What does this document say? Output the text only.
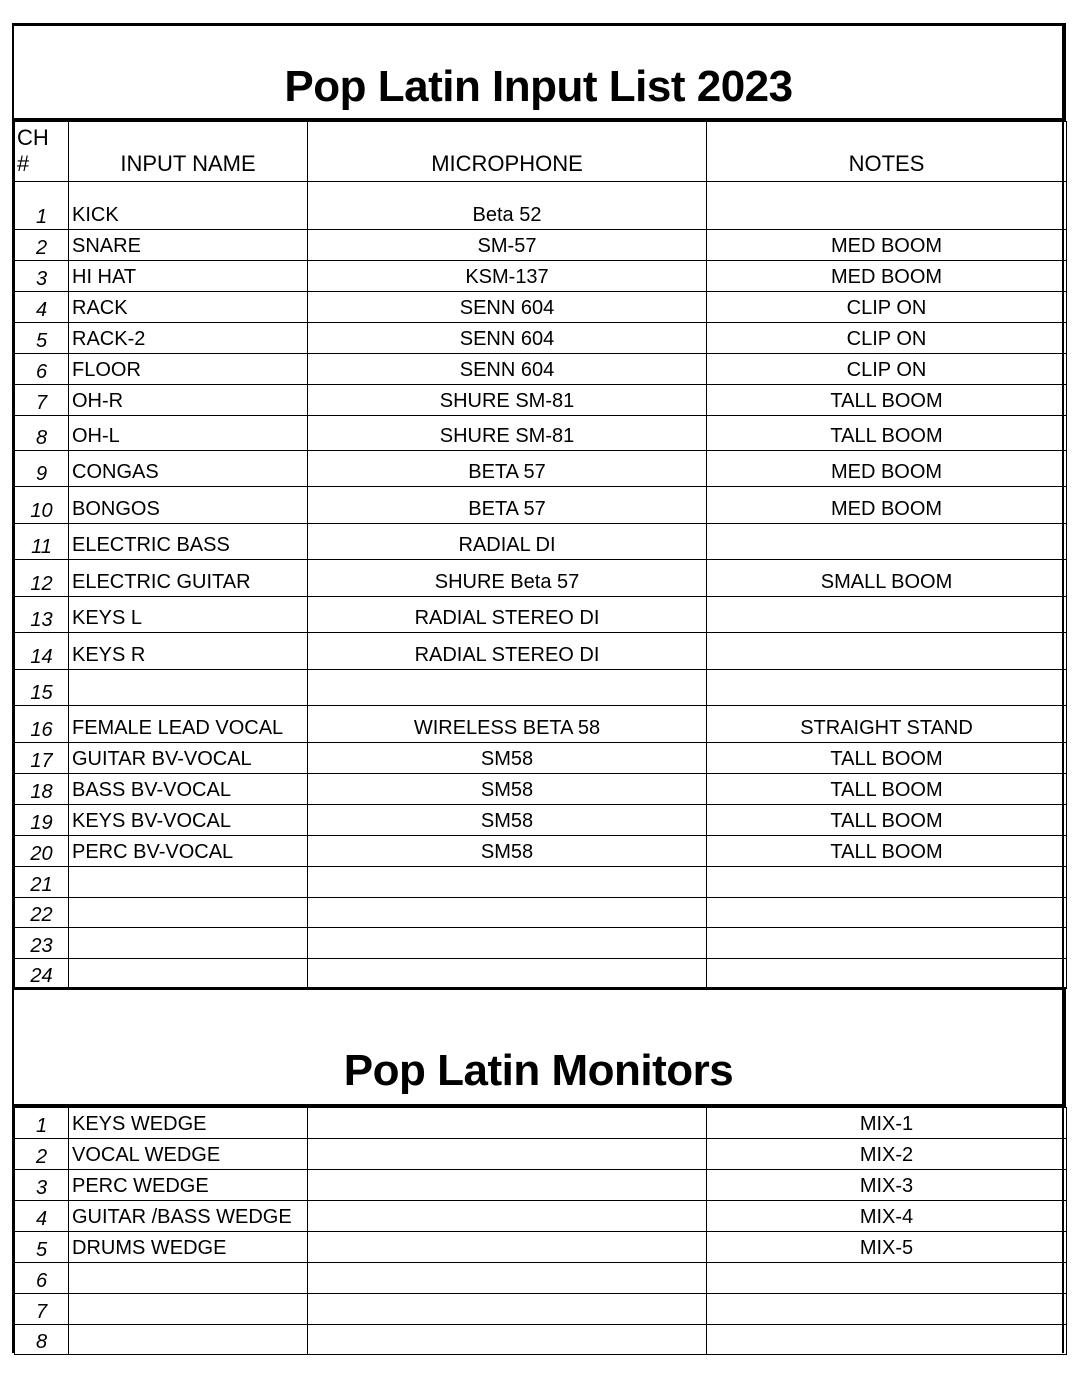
Pop Latin Input List 2023
CH #	INPUT NAME	MICROPHONE	NOTES
1	KICK	Beta 52	
2	SNARE	SM-57	MED BOOM
3	HI HAT	KSM-137	MED BOOM
4	RACK	SENN 604	CLIP ON
5	RACK-2	SENN 604	CLIP ON
6	FLOOR	SENN 604	CLIP ON
7	OH-R	SHURE SM-81	TALL BOOM
8	OH-L	SHURE SM-81	TALL BOOM
9	CONGAS	BETA 57	MED BOOM
10	BONGOS	BETA 57	MED BOOM
11	ELECTRIC BASS	RADIAL DI	
12	ELECTRIC GUITAR	SHURE Beta 57	SMALL BOOM
13	KEYS L	RADIAL STEREO DI	
14	KEYS R	RADIAL STEREO DI	
15			
16	FEMALE LEAD VOCAL	WIRELESS BETA 58	STRAIGHT STAND
17	GUITAR BV-VOCAL	SM58	TALL BOOM
18	BASS BV-VOCAL	SM58	TALL BOOM
19	KEYS BV-VOCAL	SM58	TALL BOOM
20	PERC BV-VOCAL	SM58	TALL BOOM
21			
22			
23			
24			
Pop Latin Monitors
1	KEYS WEDGE		MIX-1
2	VOCAL WEDGE		MIX-2
3	PERC WEDGE		MIX-3
4	GUITAR /BASS WEDGE		MIX-4
5	DRUMS WEDGE		MIX-5
6			
7			
8			
